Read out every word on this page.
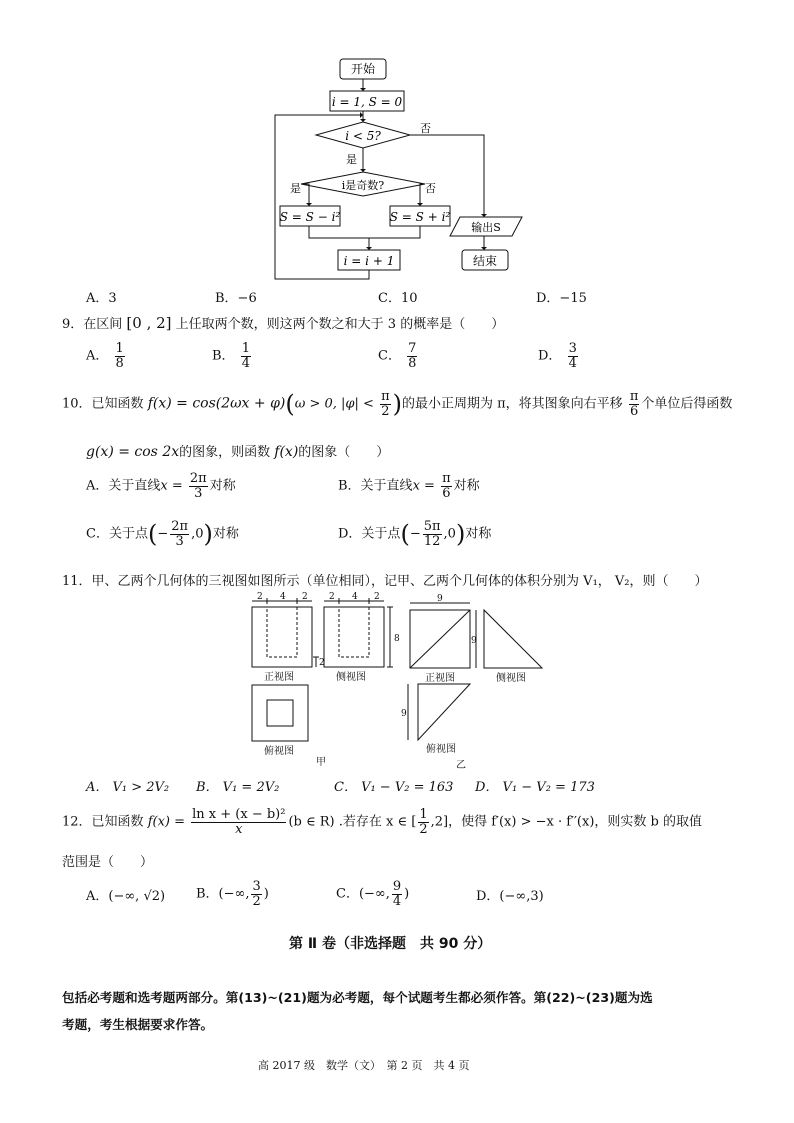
开始
i = 1, S = 0
i < 5?
否
是
i是奇数?
是	否
S = S − i²	S = S + i²
输出S
i = i + 1	结束
A．3	B．−6	C．10	D．−15
9．在区间 [0 , 2] 上任取两个数，则这两个数之和大于 3 的概率是（　　）
A． $\frac{1}{8}$	B． $\frac{1}{4}$	C． $\frac{7}{8}$	D． $\frac{3}{4}$
10．已知函数 f(x) = cos(2ωx + φ)(ω > 0, $|\varphi| < \frac{\pi}{2}$ )的最小正周期为 π，将其图象向右平移 $\frac{\pi}{6}$ 个单位后得函数
g(x) = cos 2x的图象，则函数 f(x)的图象（　　）
A．关于直线$x = \frac{2\pi}{3}$ 对称	B．关于直线$x = \frac{\pi}{6}$ 对称
C．关于点(− $\frac{2\pi}{3} ,0$)对称	D．关于点(− $\frac{5\pi}{12} ,0$)对称
11．甲、乙两个几何体的三视图如图所示（单位相同），记甲、乙两个几何体的体积分别为 V₁， V₂，则（　　）
2 4 2 2 4 2
8
2
9
9
9
正视图	侧视图
俯视图
正视图	侧视图
俯视图
甲	乙
A． V₁ > 2V₂ B． V₁ = 2V₂	C． V₁ − V₂ = 163 D． V₁ − V₂ = 173
12．已知函数 $f(x) = \frac{\text{ln x + (x − b)²}}{x} (b$ ∈ R) .若存在 x ∈ [ $\frac{1}{2} ,2$]，使得 f′(x) > −x · f′′(x)，则实数 b 的取值
范围是（　　）
A．(−∞, √2) B．(−∞, $\frac{3}{2}$ )	C．(−∞, $\frac{9}{4}$ )	D．(−∞,3)
第 Ⅱ 卷（非选择题　共 90 分）
包括必考题和选考题两部分。第(13)~(21)题为必考题，每个试题考生都必须作答。第(22)~(23)题为选
考题，考生根据要求作答。
高 2017 级　数学（文）　第 2 页　共 4 页
